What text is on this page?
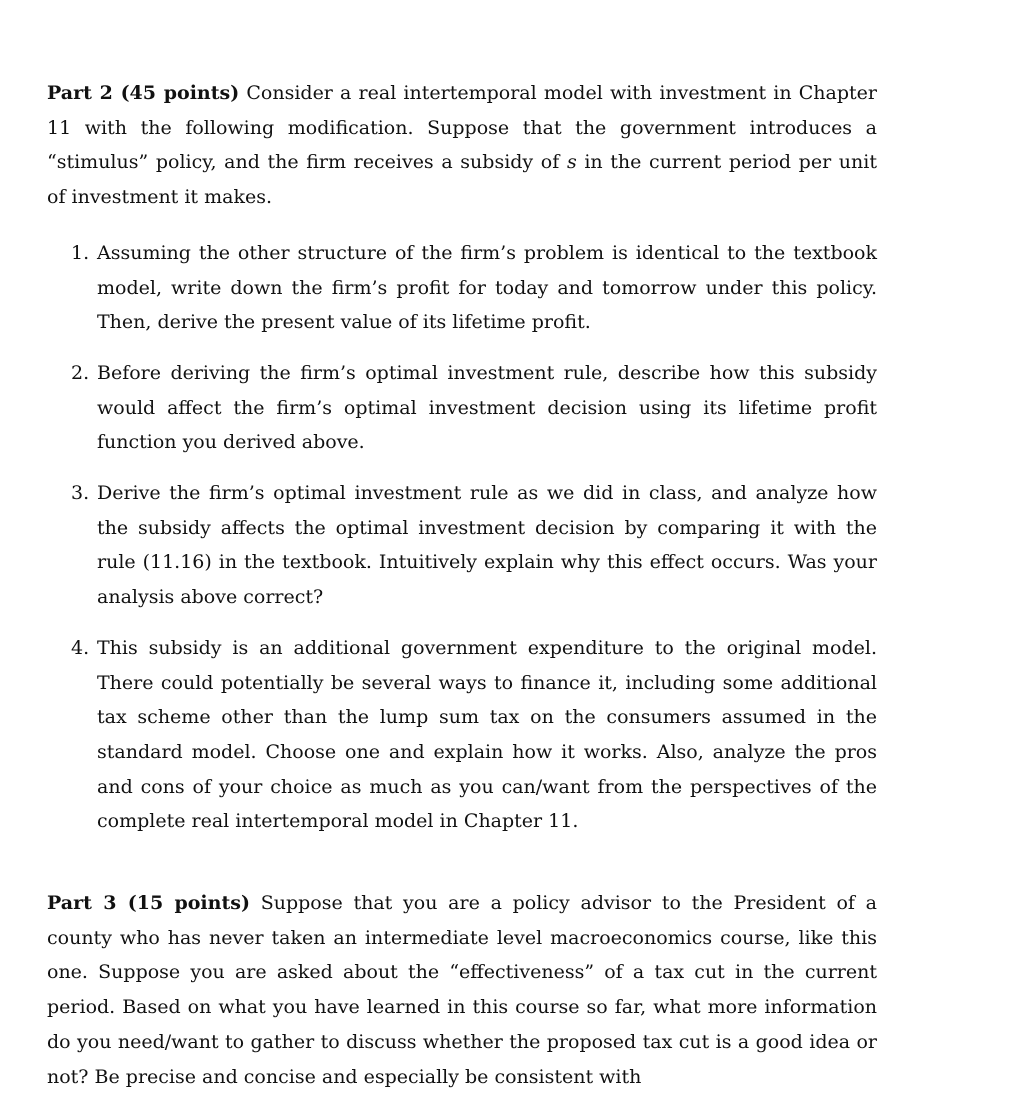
Part 2 (45 points) Consider a real intertemporal model with investment in Chapter 11 with the following modification. Suppose that the government introduces a “stimulus” policy, and the firm receives a subsidy of s in the current period per unit of investment it makes.

1. Assuming the other structure of the firm’s problem is identical to the textbook model, write down the firm’s profit for today and tomorrow under this policy. Then, derive the present value of its lifetime profit.
2. Before deriving the firm’s optimal investment rule, describe how this subsidy would affect the firm’s optimal investment decision using its lifetime profit function you derived above.
3. Derive the firm’s optimal investment rule as we did in class, and analyze how the subsidy affects the optimal investment decision by comparing it with the rule (11.16) in the textbook. Intuitively explain why this effect occurs. Was your analysis above correct?
4. This subsidy is an additional government expenditure to the original model. There could potentially be several ways to finance it, including some additional tax scheme other than the lump sum tax on the consumers assumed in the standard model. Choose one and explain how it works. Also, analyze the pros and cons of your choice as much as you can/want from the perspectives of the complete real intertemporal model in Chapter 11.

Part 3 (15 points) Suppose that you are a policy advisor to the President of a county who has never taken an intermediate level macroeconomics course, like this one. Suppose you are asked about the “effectiveness” of a tax cut in the current period. Based on what you have learned in this course so far, what more information do you need/want to gather to discuss whether the proposed tax cut is a good idea or not? Be precise and concise and especially be consistent with
